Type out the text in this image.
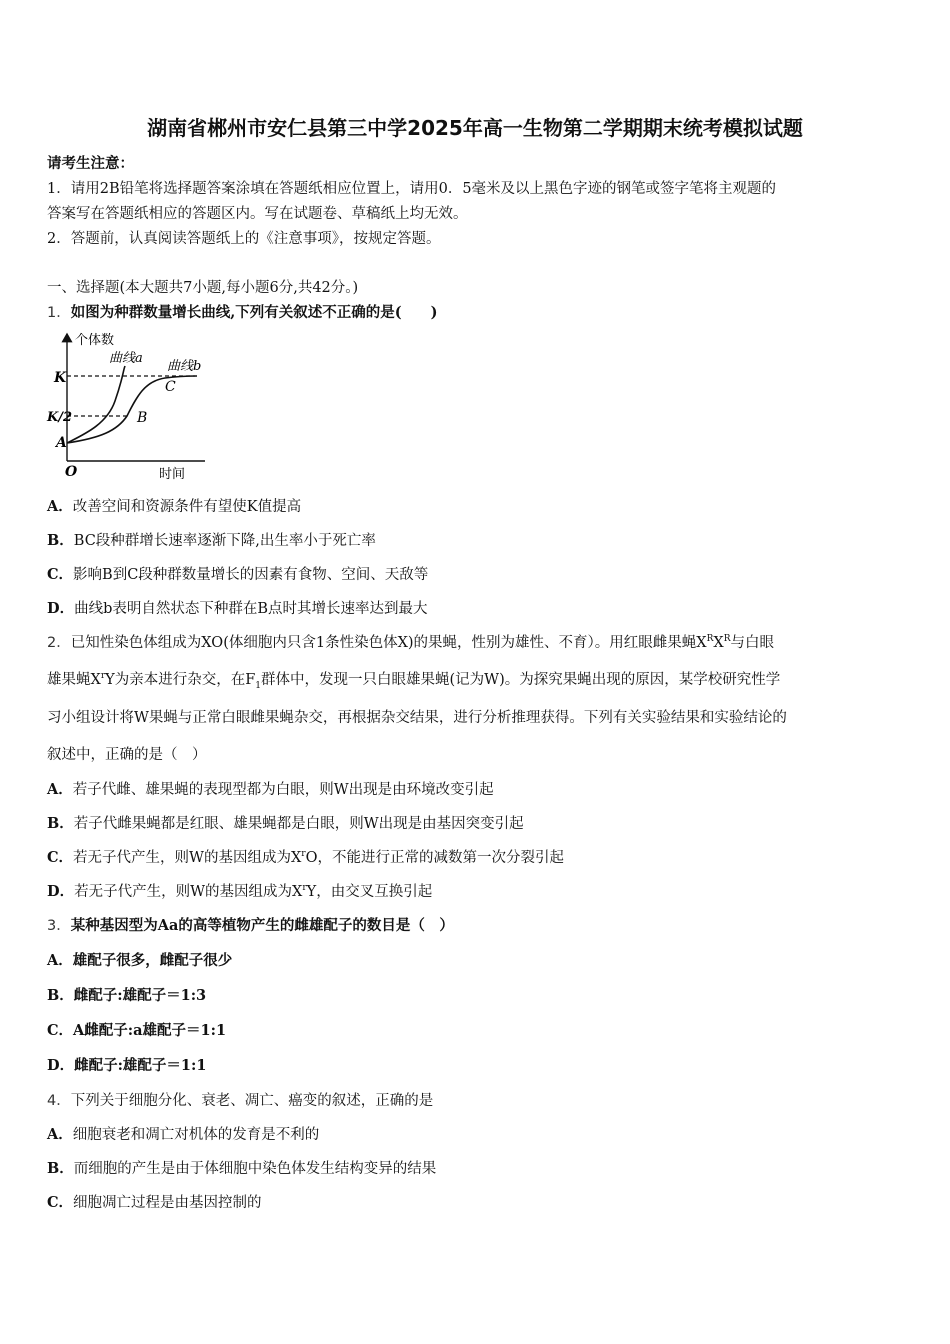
湖南省郴州市安仁县第三中学2025年高一生物第二学期期末统考模拟试题
请考生注意：
1．请用2B铅笔将选择题答案涂填在答题纸相应位置上，请用0．5毫米及以上黑色字迹的钢笔或签字笔将主观题的
答案写在答题纸相应的答题区内。写在试题卷、草稿纸上均无效。
2．答题前，认真阅读答题纸上的《注意事项》，按规定答题。
一、选择题(本大题共7小题,每小题6分,共42分。)
1．如图为种群数量增长曲线,下列有关叙述不正确的是(　　)
个体数
曲线a
曲线b
K
K/2
A
B
C
O	时间
A．改善空间和资源条件有望使K值提高
B．BC段种群增长速率逐渐下降,出生率小于死亡率
C．影响B到C段种群数量增长的因素有食物、空间、天敌等
D．曲线b表明自然状态下种群在B点时其增长速率达到最大
2．已知性染色体组成为XO(体细胞内只含1条性染色体X)的果蝇，性别为雄性、不育）。用红眼雌果蝇$X^RX^R$与白眼
雄果蝇$X^rY$为亲本进行杂交，在$F_1$群体中，发现一只白眼雄果蝇(记为W)。为探究果蝇出现的原因，某学校研究性学
习小组设计将W果蝇与正常白眼雌果蝇杂交，再根据杂交结果，进行分析推理获得。下列有关实验结果和实验结论的
叙述中，正确的是（　）
A．若子代雌、雄果蝇的表现型都为白眼，则W出现是由环境改变引起
B．若子代雌果蝇都是红眼、雄果蝇都是白眼，则W出现是由基因突变引起
C．若无子代产生，则W的基因组成为$X^rO$，不能进行正常的减数第一次分裂引起
D．若无子代产生，则W的基因组成为$X^rY$，由交叉互换引起
3．某种基因型为Aa的高等植物产生的雌雄配子的数目是（　）
A．雄配子很多，雌配子很少
B．雌配子:雄配子＝1:3
C．A雌配子:a雄配子＝1:1
D．雌配子:雄配子＝1:1
4．下列关于细胞分化、衰老、凋亡、癌变的叙述，正确的是
A．细胞衰老和凋亡对机体的发育是不利的
B．而细胞的产生是由于体细胞中染色体发生结构变异的结果
C．细胞凋亡过程是由基因控制的
